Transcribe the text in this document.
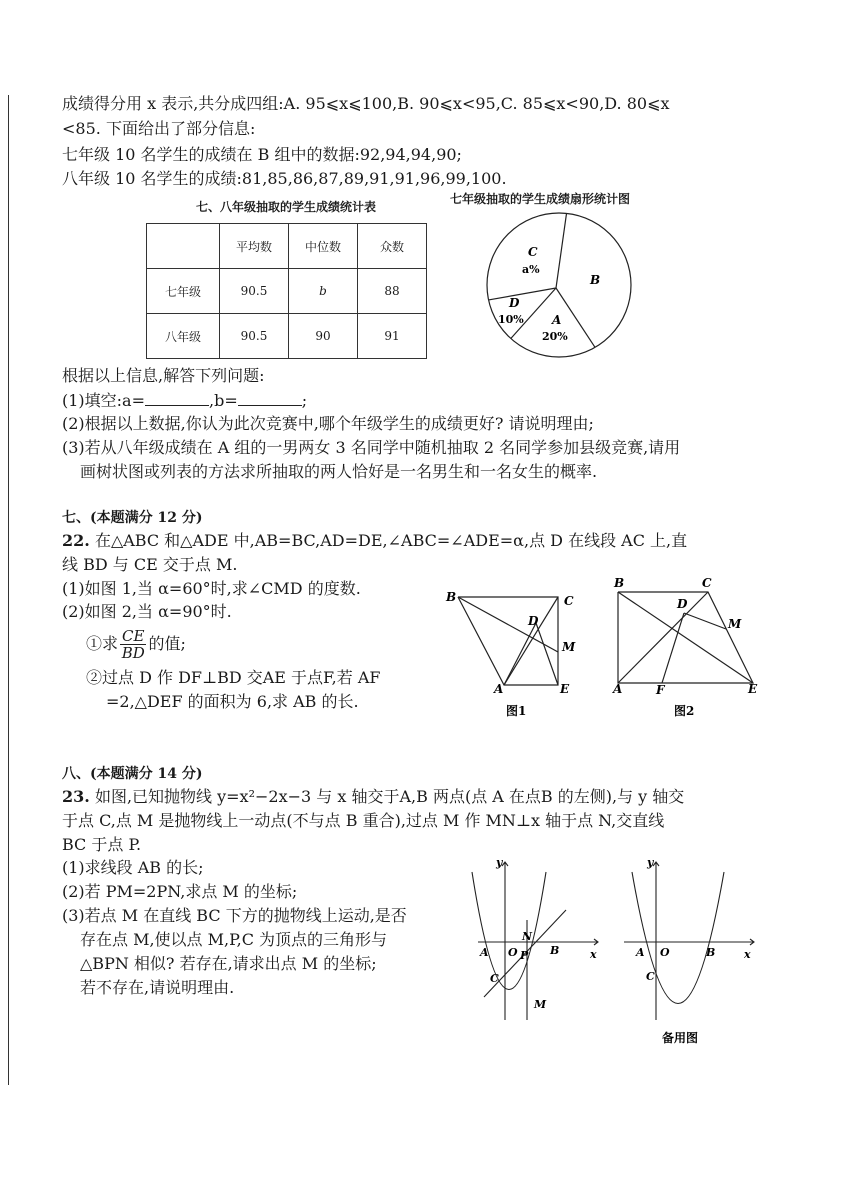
成绩得分用 x 表示,共分成四组:A. 95⩽x⩽100,B. 90⩽x<95,C. 85⩽x<90,D. 80⩽x
<85. 下面给出了部分信息:
七年级 10 名学生的成绩在 B 组中的数据:92,94,94,90;
八年级 10 名学生的成绩:81,85,86,87,89,91,91,96,99,100.
七、八年级抽取的学生成绩统计表
	平均数	中位数	众数
七年级	90.5	b	88
八年级	90.5	90	91
七年级抽取的学生成绩扇形统计图
C
a%
B
D
10% A
20%
根据以上信息,解答下列问题:
(1)填空:a=	,b=	;
(2)根据以上数据,你认为此次竞赛中,哪个年级学生的成绩更好? 请说明理由;
(3)若从八年级成绩在 A 组的一男两女 3 名同学中随机抽取 2 名同学参加县级竞赛,请用
画树状图或列表的方法求所抽取的两人恰好是一名男生和一名女生的概率.
七、(本题满分 12 分)
22. 在△ABC 和△ADE 中,AB=BC,AD=DE,∠ABC=∠ADE=α,点 D 在线段 AC 上,直
线 BD 与 CE 交于点 M.
(1)如图 1,当 α=60°时,求∠CMD 的度数.
(2)如图 2,当 α=90°时.
①求 $\frac{CE}{BD}$ 的值;
②过点 D 作 DF⊥BD 交AE 于点F,若 AF
=2,△DEF 的面积为 6,求 AB 的长.
B	C
D
M
A	E
图1
B	C
D
M
A	F	E
图2
八、(本题满分 14 分)
23. 如图,已知抛物线 y=x²−2x−3 与 x 轴交于A,B 两点(点 A 在点B 的左侧),与 y 轴交
于点 C,点 M 是抛物线上一动点(不与点 B 重合),过点 M 作 MN⊥x 轴于点 N,交直线
BC 于点 P.
(1)求线段 AB 的长;
(2)若 PM=2PN,求点 M 的坐标;
(3)若点 M 在直线 BC 下方的抛物线上运动,是否
存在点 M,使以点 M,P,C 为顶点的三角形与
△BPN 相似? 若存在,请求出点 M 的坐标;
若不存在,请说明理由.
y
x
A O
N
P B
C
M
y
x
A O	B
C
备用图
